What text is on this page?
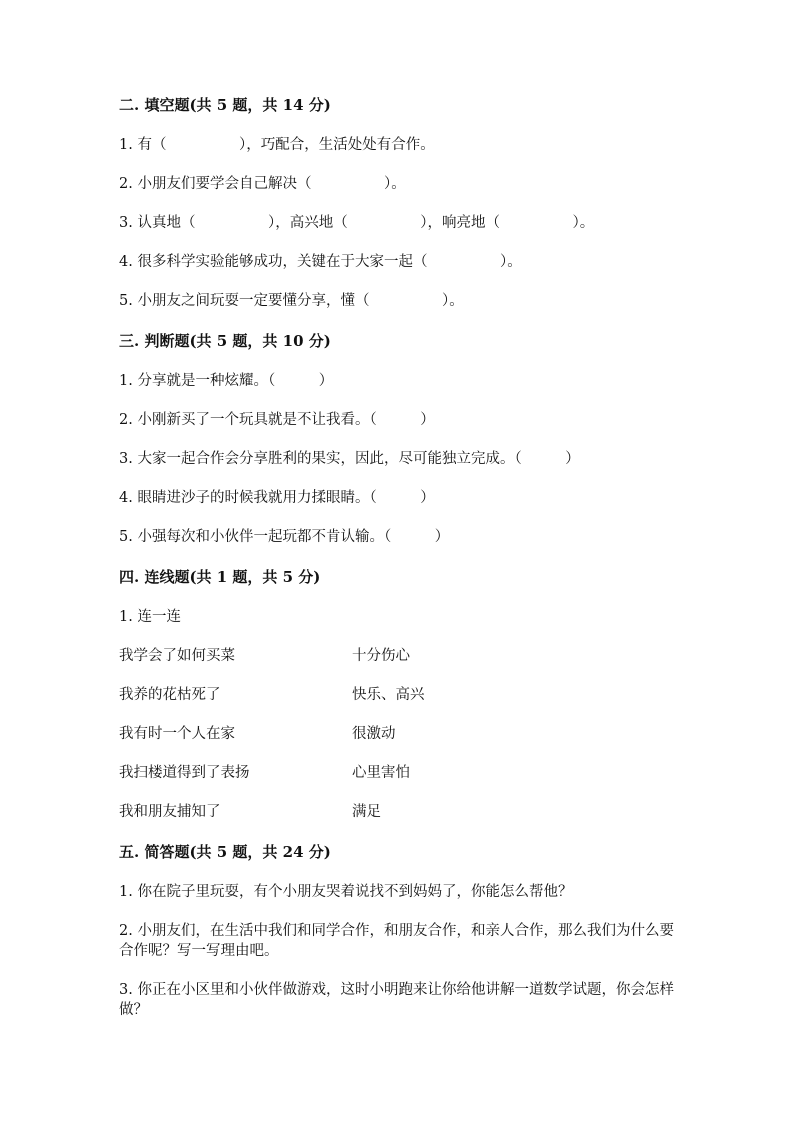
二. 填空题(共 5 题，共 14 分)
1. 有（　　　　　），巧配合，生活处处有合作。
2. 小朋友们要学会自己解决（　　　　　）。
3. 认真地（　　　　　），高兴地（　　　　　），响亮地（　　　　　）。
4. 很多科学实验能够成功，关键在于大家一起（　　　　　）。
5. 小朋友之间玩耍一定要懂分享，懂（　　　　　）。
三. 判断题(共 5 题，共 10 分)
1. 分享就是一种炫耀。（　　　）
2. 小刚新买了一个玩具就是不让我看。（　　　）
3. 大家一起合作会分享胜利的果实，因此，尽可能独立完成。（　　　）
4. 眼睛进沙子的时候我就用力揉眼睛。（　　　）
5. 小强每次和小伙伴一起玩都不肯认输。（　　　）
四. 连线题(共 1 题，共 5 分)
1. 连一连
我学会了如何买菜	十分伤心
我养的花枯死了	快乐、高兴
我有时一个人在家	很激动
我扫楼道得到了表扬	心里害怕
我和朋友捕知了	满足
五. 简答题(共 5 题，共 24 分)
1. 你在院子里玩耍，有个小朋友哭着说找不到妈妈了，你能怎么帮他？
2. 小朋友们，在生活中我们和同学合作，和朋友合作，和亲人合作，那么我们为什么要合作呢？写一写理由吧。
3. 你正在小区里和小伙伴做游戏，这时小明跑来让你给他讲解一道数学试题，你会怎样做？
